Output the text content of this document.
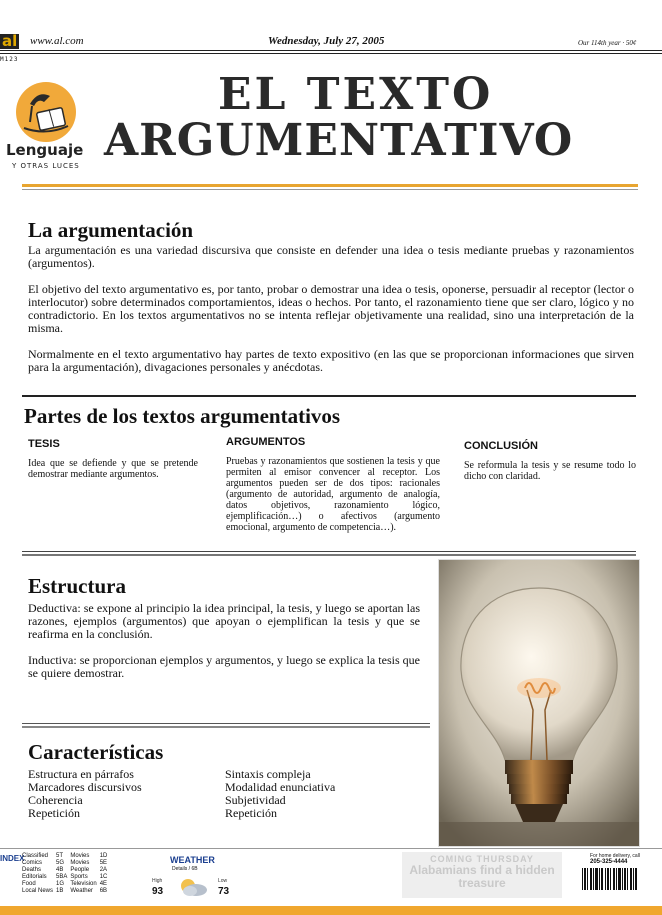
al www.al.com	Wednesday, July 27, 2005	Our 114th year · 50¢
M123
Lenguaje
Y OTRAS LUCES
EL TEXTO
ARGUMENTATIVO
La argumentación

La argumentación es una variedad discursiva que consiste en defender una idea o tesis mediante pruebas y razonamientos (argumentos).

El objetivo del texto argumentativo es, por tanto, probar o demostrar una idea o tesis, oponerse, persuadir al receptor (lector o interlocutor) sobre determinados comportamientos, ideas o hechos. Por tanto, el razonamiento tiene que ser claro, lógico y no contradictorio. En los textos argumentativos no se intenta reflejar objetivamente una realidad, sino una interpretación de la misma.

Normalmente en el texto argumentativo hay partes de texto expositivo (en las que se proporcionan informaciones que sirven para la argumentación), divagaciones personales y anécdotas.

Partes de los textos argumentativos
TESIS
Idea que se defiende y que se pretende demostrar mediante argumentos.
ARGUMENTOS
Pruebas y razonamientos que sostienen la tesis y que permiten al emisor convencer al receptor. Los argumentos pueden ser de dos tipos: racionales (argumento de autoridad, argumento de analogía, datos objetivos, razonamiento lógico, ejemplificación…) o afectivos (argumento emocional, argumento de competencia…).
CONCLUSIÓN
Se reformula la tesis y se resume todo lo dicho con claridad.
Estructura

Deductiva: se expone al principio la idea principal, la tesis, y luego se aportan las razones, ejemplos (argumentos) que apoyan o ejemplifican la tesis y que se reafirma en la conclusión.

Inductiva: se proporcionan ejemplos y argumentos, y luego se explica la tesis que se quiere demostrar.

Características
Estructura en párrafos
Marcadores discursivos
Coherencia
Repetición
Sintaxis compleja
Modalidad enunciativa
Subjetividad
Repetición
INDEX
Classified	5T	Movies	1D
Comics	5G	Movies	5E
Deaths	4B	People	2A
Editorials	5BA	Sports	1C
Food	1G	Television	4E
Local News	1B	Weather	6B
WEATHER
Details / 6B
High
93
Low
73
COMING THURSDAY
Alabamians find a hidden treasure
For home delivery, call
205-325-4444
